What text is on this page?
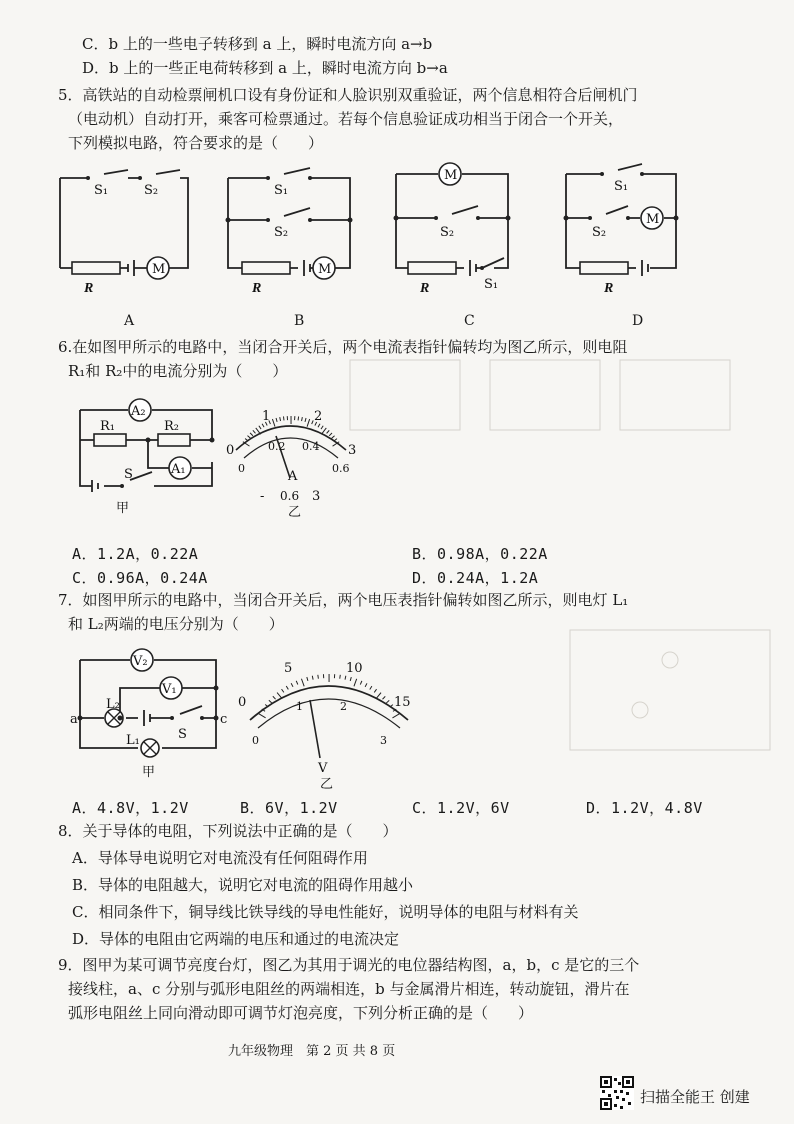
C．b 上的一些电子转移到 a 上，瞬时电流方向 a→b
D．b 上的一些正电荷转移到 a 上，瞬时电流方向 b→a
5．高铁站的自动检票闸机口设有身份证和人脸识别双重验证，两个信息相符合后闸机门
（电动机）自动打开，乘客可检票通过。若每个信息验证成功相当于闭合一个开关，
下列模拟电路，符合要求的是（　　）
M
S₁	S₂
R
A
M
S₁
S₂
R
B
M
S₂
S₁
R
C
M
S₁
S₂
R
D
6.在如图甲所示的电路中，当闭合开关后，两个电流表指针偏转均为图乙所示，则电阻
R₁和 R₂中的电流分别为（　　）
A₂
R₁	R₂
A₁
S
甲
0
1	2
3
0
0.2 0.4
0.6
A
- 0.6 3
乙
A．1.2A，0.22A	B．0.98A，0.22A
C．0.96A，0.24A	D．0.24A，1.2A
7．如图甲所示的电路中，当闭合开关后，两个电压表指针偏转如图乙所示，则电灯 L₁
和 L₂两端的电压分别为（　　）
V₂
V₁
a	c
L₂
L₁	S
甲
0
5	10
15
0
1	2
3
V
乙
A．4.8V，1.2V	B．6V，1.2V	C．1.2V，6V	D．1.2V，4.8V
8．关于导体的电阻，下列说法中正确的是（　　）
A．导体导电说明它对电流没有任何阻碍作用
B．导体的电阻越大，说明它对电流的阻碍作用越小
C．相同条件下，铜导线比铁导线的导电性能好，说明导体的电阻与材料有关
D．导体的电阻由它两端的电压和通过的电流决定
9．图甲为某可调节亮度台灯，图乙为其用于调光的电位器结构图，a，b，c 是它的三个
接线柱，a、c 分别与弧形电阻丝的两端相连，b 与金属滑片相连，转动旋钮，滑片在
弧形电阻丝上同向滑动即可调节灯泡亮度，下列分析正确的是（　　）
九年级物理　第 2 页 共 8 页
扫描全能王 创建
